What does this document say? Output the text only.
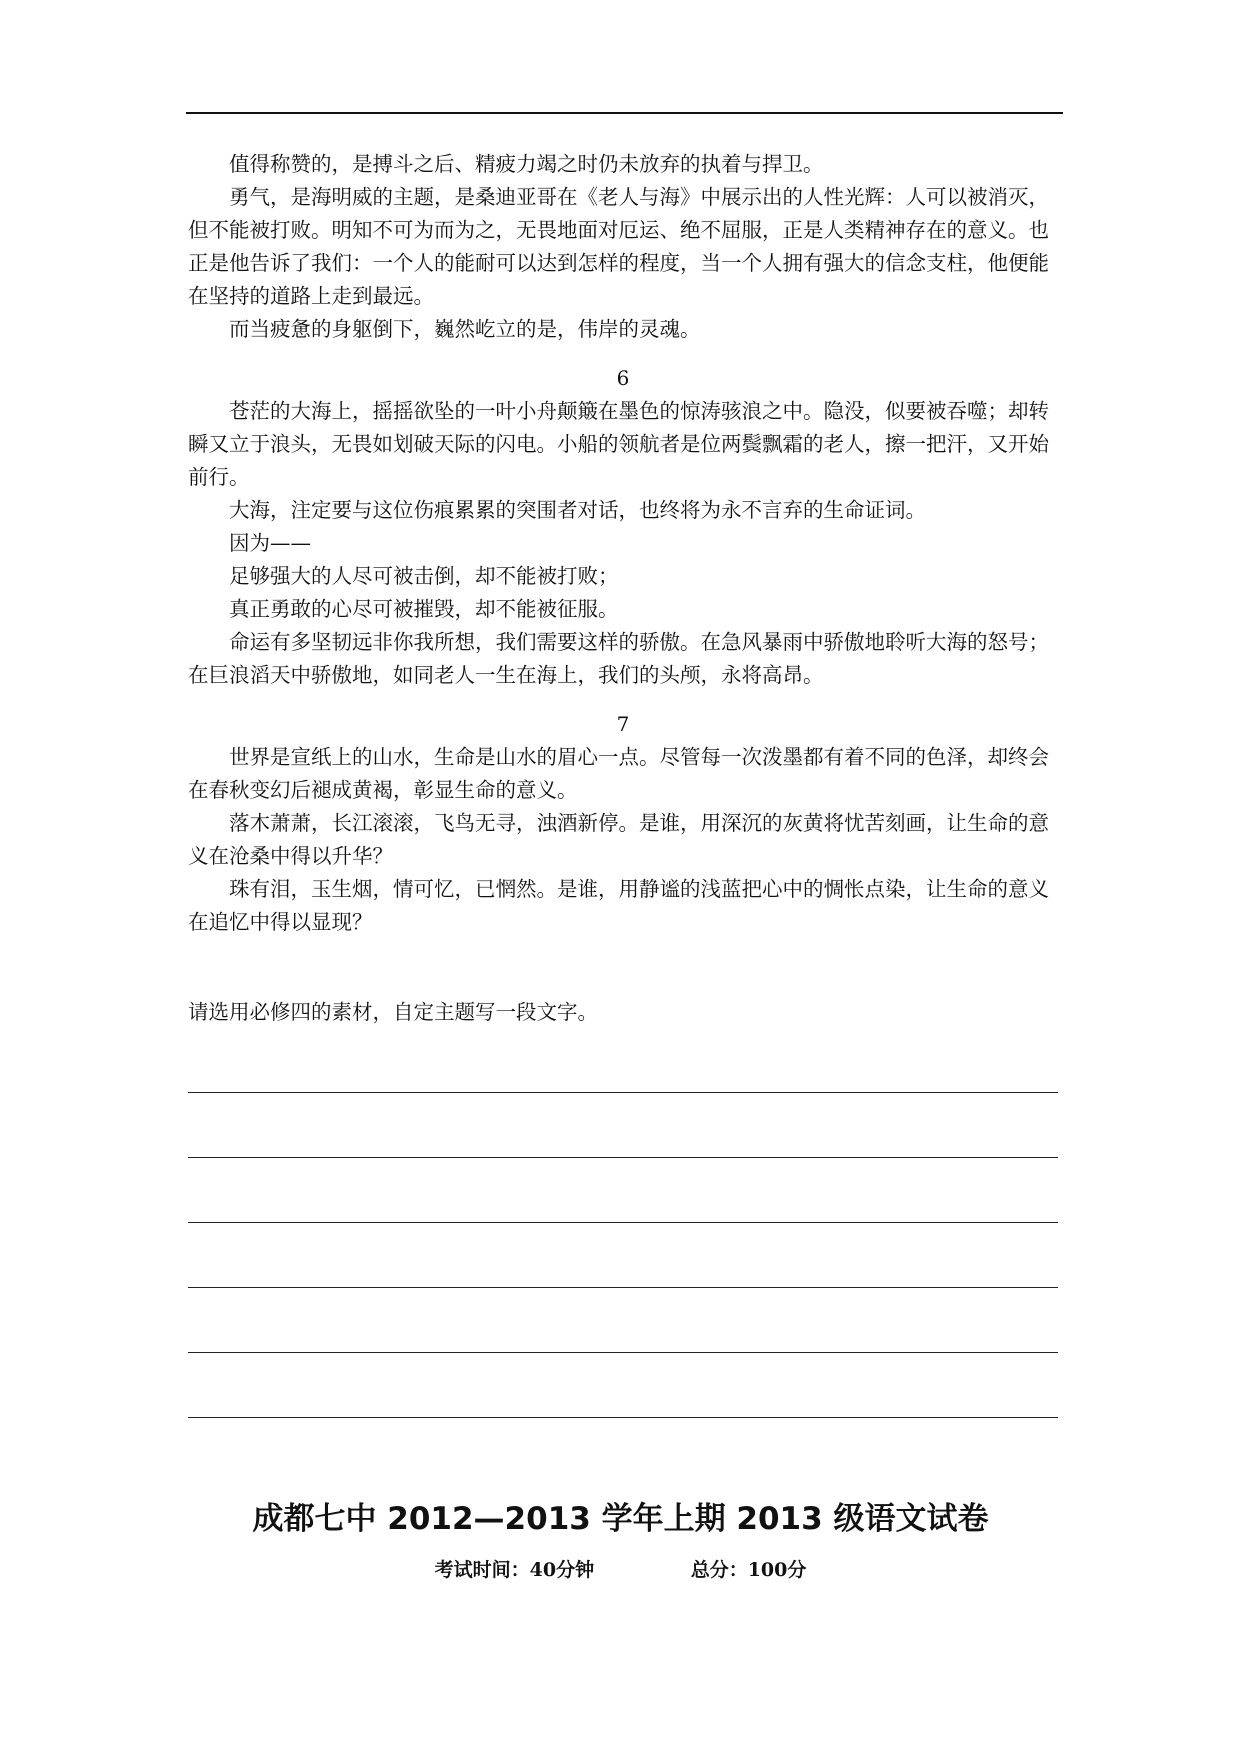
值得称赞的，是搏斗之后、精疲力竭之时仍未放弃的执着与捍卫。

勇气，是海明威的主题，是桑迪亚哥在《老人与海》中展示出的人性光辉：人可以被消灭，但不能被打败。明知不可为而为之，无畏地面对厄运、绝不屈服，正是人类精神存在的意义。也正是他告诉了我们：一个人的能耐可以达到怎样的程度，当一个人拥有强大的信念支柱，他便能在坚持的道路上走到最远。

而当疲惫的身躯倒下，巍然屹立的是，伟岸的灵魂。

6

苍茫的大海上，摇摇欲坠的一叶小舟颠簸在墨色的惊涛骇浪之中。隐没，似要被吞噬；却转瞬又立于浪头，无畏如划破天际的闪电。小船的领航者是位两鬓飘霜的老人，擦一把汗，又开始前行。

大海，注定要与这位伤痕累累的突围者对话，也终将为永不言弃的生命证词。

因为——

足够强大的人尽可被击倒，却不能被打败；

真正勇敢的心尽可被摧毁，却不能被征服。

命运有多坚韧远非你我所想，我们需要这样的骄傲。在急风暴雨中骄傲地聆听大海的怒号；在巨浪滔天中骄傲地，如同老人一生在海上，我们的头颅，永将高昂。

7

世界是宣纸上的山水，生命是山水的眉心一点。尽管每一次泼墨都有着不同的色泽，却终会在春秋变幻后褪成黄褐，彰显生命的意义。

落木萧萧，长江滚滚，飞鸟无寻，浊酒新停。是谁，用深沉的灰黄将忧苦刻画，让生命的意义在沧桑中得以升华？

珠有泪，玉生烟，情可忆，已惘然。是谁，用静谧的浅蓝把心中的惆怅点染，让生命的意义在追忆中得以显现？

请选用必修四的素材，自定主题写一段文字。

成都七中 2012—2013 学年上期 2013 级语文试卷

考试时间：40分钟	总分：100分
